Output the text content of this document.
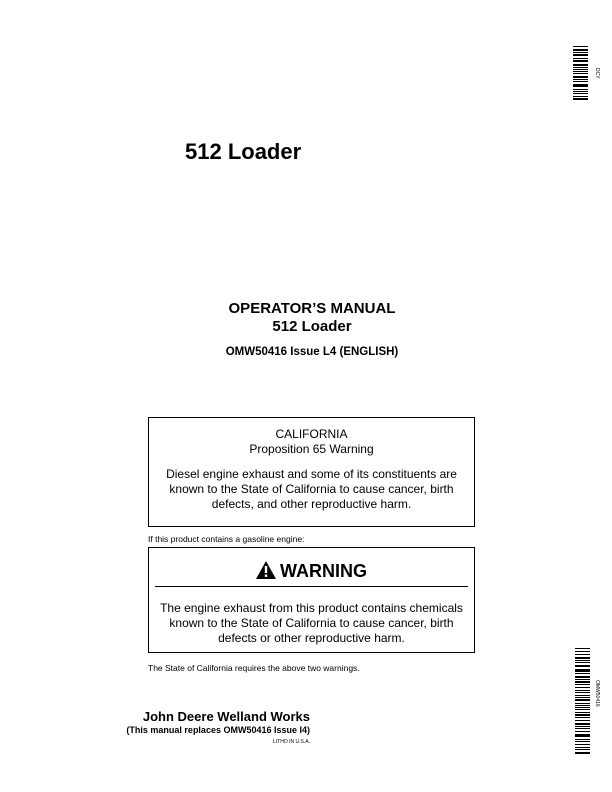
DCY
512 Loader
OPERATOR’S MANUAL
512 Loader
OMW50416 Issue L4 (ENGLISH)
CALIFORNIA
Proposition 65 Warning
Diesel engine exhaust and some of its constituents are
known to the State of California to cause cancer, birth
defects, and other reproductive harm.
If this product contains a gasoline engine:
WARNING
The engine exhaust from this product contains chemicals
known to the State of California to cause cancer, birth
defects or other reproductive harm.
The State of California requires the above two warnings.
John Deere Welland Works
(This manual replaces OMW50416 Issue I4)
LITHO IN U.S.A.
OMW50416
